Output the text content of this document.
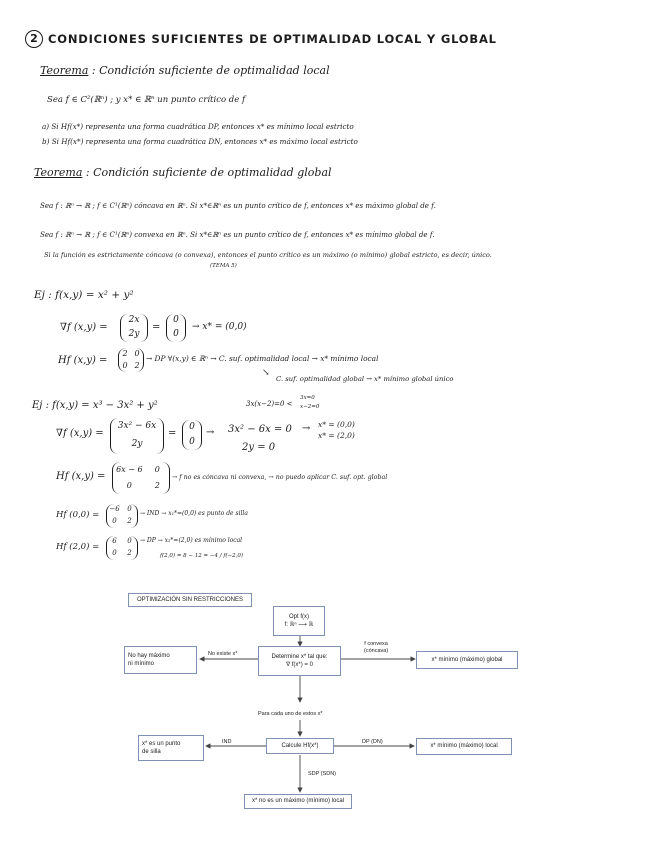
2 CONDICIONES SUFICIENTES DE OPTIMALIDAD LOCAL Y GLOBAL
Teorema : Condición suficiente de optimalidad local
Sea f ∈ C²(ℝⁿ) ; y x* ∈ ℝⁿ un punto crítico de f
a) Si Hf(x*) representa una forma cuadrática DP, entonces x* es mínimo local estricto
b) Si Hf(x*) representa una forma cuadrática DN, entonces x* es máximo local estricto
Teorema : Condición suficiente de optimalidad global
Sea f : ℝⁿ → ℝ ; f ∈ C¹(ℝⁿ) cóncava en ℝⁿ. Si x*∈ℝⁿ es un punto crítico de f, entonces x* es máximo global de f.
Sea f : ℝⁿ → ℝ ; f ∈ C¹(ℝⁿ) convexa en ℝⁿ. Si x*∈ℝⁿ es un punto crítico de f, entonces x* es mínimo global de f.
Si la función es estrictamente cóncava (o convexa), entonces el punto crítico es un máximo (o mínimo) global estricto, es decir, único.
(TEMA 5)
Ej : f(x,y) = x² + y²
∇f (x,y) =
2x
2y
=
0
0
→ x* = (0,0)
Hf (x,y) =
2 0
0 2
→ DP ∀(x,y) ∈ ℝⁿ → C. suf. optimalidad local → x* mínimo local
↘
C. suf. optimalidad global → x* mínimo global único
Ej : f(x,y) = x³ − 3x² + y²	3x(x−2)=0 <
3x=0
x−2=0
∇f (x,y) =
3x² − 6x
2y
=
0
0
→ 3x² − 6x = 0
2y = 0
→ x* = (0,0)
x* = (2,0)
Hf (x,y) =
6x − 6	0
0	2
→ f no es cóncava ni convexa, → no puedo aplicar C. suf. opt. global
Hf (0,0) =
−6	0
0	2
→ IND → x₁*=(0,0) es punto de silla
Hf (2,0) =
6	0
0	2
→ DP → x₂*=(2,0) es mínimo local
f(2,0) = 8 − 12 = −4 / f(−2,0)
OPTIMIZACIÓN SIN RESTRICCIONES
Opt f(x)
f: ℝⁿ ⟶ ℝ
Determine x* tal que:
∇ f(x*) = 0
No hay máximo
ni mínimo
No existe x*
f convexa
(cóncava)
x* mínimo (máximo) global
Para cada uno de estos x*
Calcule Hf(x*)
IND
x* es un punto
de silla
DP (DN)
x* mínimo (máximo) local
SDP (SDN)
x* no es un máximo (mínimo) local
